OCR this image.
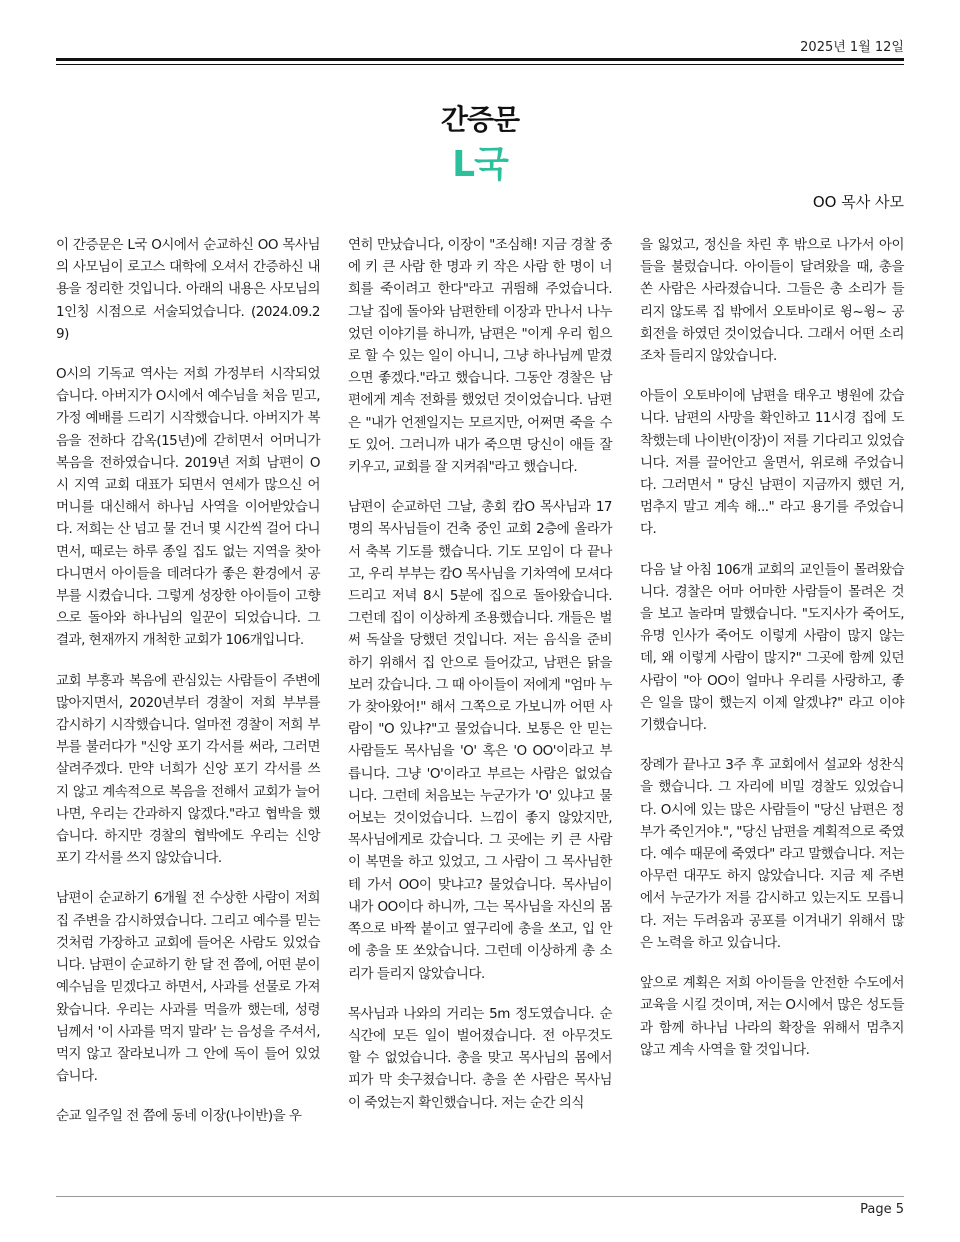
2025년 1월 12일
간증문
L국
OO 목사 사모

이 간증문은 L국 O시에서 순교하신 OO 목사님의 사모님이 로고스 대학에 오셔서 간증하신 내용을 정리한 것입니다. 아래의 내용은 사모님의 1인칭 시점으로 서술되었습니다. (2024.09.29)

O시의 기독교 역사는 저희 가정부터 시작되었습니다. 아버지가 O시에서 예수님을 처음 믿고, 가정 예배를 드리기 시작했습니다. 아버지가 복음을 전하다 감옥(15년)에 갇히면서 어머니가 복음을 전하였습니다. 2019년 저희 남편이 O시 지역 교회 대표가 되면서 연세가 많으신 어머니를 대신해서 하나님 사역을 이어받았습니다. 저희는 산 넘고 물 건너 몇 시간씩 걸어 다니면서, 때로는 하루 종일 집도 없는 지역을 찾아 다니면서 아이들을 데려다가 좋은 환경에서 공부를 시켰습니다. 그렇게 성장한 아이들이 고향으로 돌아와 하나님의 일꾼이 되었습니다. 그 결과, 현재까지 개척한 교회가 106개입니다.

교회 부흥과 복음에 관심있는 사람들이 주변에 많아지면서, 2020년부터 경찰이 저희 부부를 감시하기 시작했습니다. 얼마전 경찰이 저희 부부를 불러다가 "신앙 포기 각서를 써라, 그러면 살려주겠다. 만약 너희가 신앙 포기 각서를 쓰지 않고 계속적으로 복음을 전해서 교회가 늘어나면, 우리는 간과하지 않겠다."라고 협박을 했습니다. 하지만 경찰의 협박에도 우리는 신앙 포기 각서를 쓰지 않았습니다.

남편이 순교하기 6개월 전 수상한 사람이 저희 집 주변을 감시하였습니다. 그리고 예수를 믿는 것처럼 가장하고 교회에 들어온 사람도 있었습니다. 남편이 순교하기 한 달 전 쯤에, 어떤 분이 예수님을 믿겠다고 하면서, 사과를 선물로 가져왔습니다. 우리는 사과를 먹을까 했는데, 성령님께서 '이 사과를 먹지 말라' 는 음성을 주셔서, 먹지 않고 잘라보니까 그 안에 독이 들어 있었습니다.

순교 일주일 전 쯤에 동네 이장(나이반)을 우

연히 만났습니다, 이장이 "조심해! 지금 경찰 중에 키 큰 사람 한 명과 키 작은 사람 한 명이 너희를 죽이려고 한다"라고 귀띔해 주었습니다. 그날 집에 돌아와 남편한테 이장과 만나서 나누었던 이야기를 하니까, 남편은 "이게 우리 힘으로 할 수 있는 일이 아니니, 그냥 하나님께 맡겼으면 좋겠다."라고 했습니다. 그동안 경찰은 남편에게 계속 전화를 했었던 것이었습니다. 남편은 "내가 언젠일지는 모르지만, 어쩌면 죽을 수도 있어. 그러니까 내가 죽으면 당신이 애들 잘 키우고, 교회를 잘 지켜줘"라고 했습니다.

남편이 순교하던 그날, 총회 캄O 목사님과 17명의 목사님들이 건축 중인 교회 2층에 올라가서 축복 기도를 했습니다. 기도 모임이 다 끝나고, 우리 부부는 캄O 목사님을 기차역에 모셔다 드리고 저녁 8시 5분에 집으로 돌아왔습니다. 그런데 집이 이상하게 조용했습니다. 개들은 벌써 독살을 당했던 것입니다. 저는 음식을 준비하기 위해서 집 안으로 들어갔고, 남편은 닭을 보러 갔습니다. 그 때 아이들이 저에게 "엄마 누가 찾아왔어!" 해서 그쪽으로 가보니까 어떤 사람이 "O 있냐?"고 물었습니다. 보통은 안 믿는 사람들도 목사님을 'O' 혹은 'O OO'이라고 부릅니다. 그냥 'O'이라고 부르는 사람은 없었습니다. 그런데 처음보는 누군가가 'O' 있냐고 물어보는 것이었습니다. 느낌이 좋지 않았지만, 목사님에게로 갔습니다. 그 곳에는 키 큰 사람이 복면을 하고 있었고, 그 사람이 그 목사님한테 가서 OO이 맞냐고? 물었습니다. 목사님이 내가 OO이다 하니까, 그는 목사님을 자신의 몸쪽으로 바짝 붙이고 옆구리에 총을 쏘고, 입 안에 총을 또 쏘았습니다. 그런데 이상하게 총 소리가 들리지 않았습니다.

목사님과 나와의 거리는 5m 정도였습니다. 순식간에 모든 일이 벌어졌습니다. 전 아무것도 할 수 없었습니다. 총을 맞고 목사님의 몸에서 피가 막 솟구쳤습니다. 총을 쏜 사람은 목사님이 죽었는지 확인했습니다. 저는 순간 의식

을 잃었고, 정신을 차린 후 밖으로 나가서 아이들을 불렀습니다. 아이들이 달려왔을 때, 총을 쏜 사람은 사라졌습니다. 그들은 총 소리가 들리지 않도록 집 밖에서 오토바이로 윙~윙~ 공회전을 하였던 것이었습니다. 그래서 어떤 소리조차 들리지 않았습니다.

아들이 오토바이에 남편을 태우고 병원에 갔습니다. 남편의 사망을 확인하고 11시경 집에 도착했는데 나이반(이장)이 저를 기다리고 있었습니다. 저를 끌어안고 울면서, 위로해 주었습니다. 그러면서 " 당신 남편이 지금까지 했던 거, 멈추지 말고 계속 해..." 라고 용기를 주었습니다.

다음 날 아침 106개 교회의 교인들이 몰려왔습니다. 경찰은 어마 어마한 사람들이 몰려온 것을 보고 놀라며 말했습니다. "도지사가 죽어도, 유명 인사가 죽어도 이렇게 사람이 많지 않는데, 왜 이렇게 사람이 많지?" 그곳에 함께 있던 사람이 "아 OO이 얼마나 우리를 사랑하고, 좋은 일을 많이 했는지 이제 알겠냐?" 라고 이야기했습니다.

장례가 끝나고 3주 후 교회에서 설교와 성찬식을 했습니다. 그 자리에 비밀 경찰도 있었습니다. O시에 있는 많은 사람들이 "당신 남편은 정부가 죽인거야.", "당신 남편을 계획적으로 죽였다. 예수 때문에 죽였다" 라고 말했습니다. 저는 아무런 대꾸도 하지 않았습니다. 지금 제 주변에서 누군가가 저를 감시하고 있는지도 모릅니다. 저는 두려움과 공포를 이겨내기 위해서 많은 노력을 하고 있습니다.

앞으로 계획은 저희 아이들을 안전한 수도에서 교육을 시킬 것이며, 저는 O시에서 많은 성도들과 함께 하나님 나라의 확장을 위해서 멈추지 않고 계속 사역을 할 것입니다.

Page 5
